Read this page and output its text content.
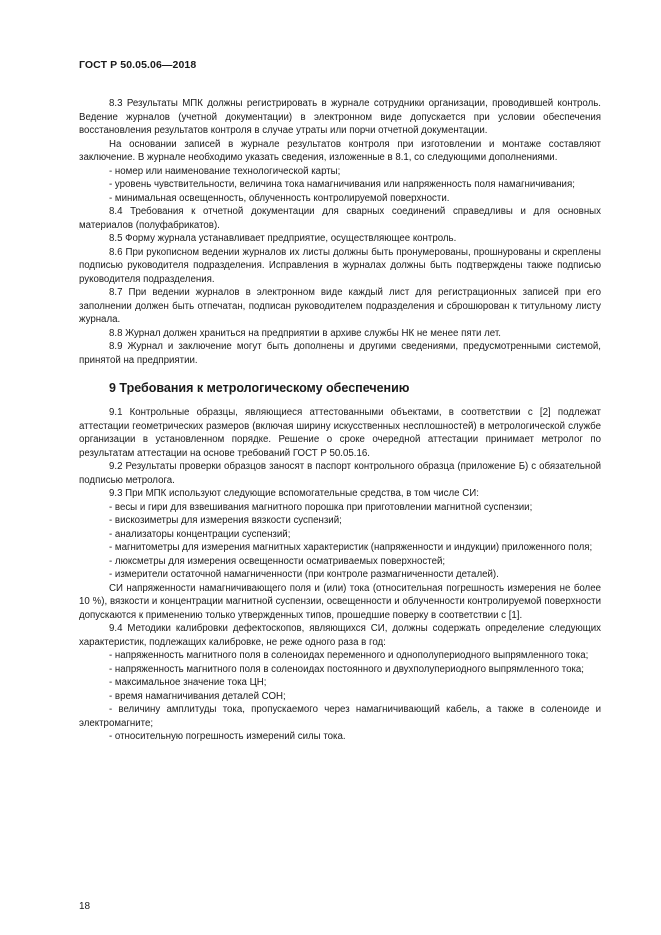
ГОСТ Р 50.05.06—2018

8.3 Результаты МПК должны регистрировать в журнале сотрудники организации, проводившей контроль. Ведение журналов (учетной документации) в электронном виде допускается при условии обеспечения восстановления результатов контроля в случае утраты или порчи отчетной документации.

На основании записей в журнале результатов контроля при изготовлении и монтаже составляют заключение. В журнале необходимо указать сведения, изложенные в 8.1, со следующими дополнениями.

- номер или наименование технологической карты;

- уровень чувствительности, величина тока намагничивания или напряженность поля намагничивания;

- минимальная освещенность, облученность контролируемой поверхности.

8.4 Требования к отчетной документации для сварных соединений справедливы и для основных материалов (полуфабрикатов).

8.5 Форму журнала устанавливает предприятие, осуществляющее контроль.

8.6 При рукописном ведении журналов их листы должны быть пронумерованы, прошнурованы и скреплены подписью руководителя подразделения. Исправления в журналах должны быть подтверждены также подписью руководителя подразделения.

8.7 При ведении журналов в электронном виде каждый лист для регистрационных записей при его заполнении должен быть отпечатан, подписан руководителем подразделения и сброшюрован к титульному листу журнала.

8.8 Журнал должен храниться на предприятии в архиве службы НК не менее пяти лет.

8.9 Журнал и заключение могут быть дополнены и другими сведениями, предусмотренными системой, принятой на предприятии.

9 Требования к метрологическому обеспечению

9.1 Контрольные образцы, являющиеся аттестованными объектами, в соответствии с [2] подлежат аттестации геометрических размеров (включая ширину искусственных несплошностей) в метрологической службе организации в установленном порядке. Решение о сроке очередной аттестации принимает метролог по результатам аттестации на основе требований ГОСТ Р 50.05.16.

9.2 Результаты проверки образцов заносят в паспорт контрольного образца (приложение Б) с обязательной подписью метролога.

9.3 При МПК используют следующие вспомогательные средства, в том числе СИ:

- весы и гири для взвешивания магнитного порошка при приготовлении магнитной суспензии;

- вискозиметры для измерения вязкости суспензий;

- анализаторы концентрации суспензий;

- магнитометры для измерения магнитных характеристик (напряженности и индукции) приложенного поля;

- люксметры для измерения освещенности осматриваемых поверхностей;

- измерители остаточной намагниченности (при контроле размагниченности деталей).

СИ напряженности намагничивающего поля и (или) тока (относительная погрешность измерения не более 10 %), вязкости и концентрации магнитной суспензии, освещенности и облученности контролируемой поверхности допускаются к применению только утвержденных типов, прошедшие поверку в соответствии с [1].

9.4 Методики калибровки дефектоскопов, являющихся СИ, должны содержать определение следующих характеристик, подлежащих калибровке, не реже одного раза в год:

- напряженность магнитного поля в соленоидах переменного и однополупериодного выпрямленного тока;

- напряженность магнитного поля в соленоидах постоянного и двухполупериодного выпрямленного тока;

- максимальное значение тока ЦН;

- время намагничивания деталей СОН;

- величину амплитуды тока, пропускаемого через намагничивающий кабель, а также в соленоиде и электромагните;

- относительную погрешность измерений силы тока.

18
